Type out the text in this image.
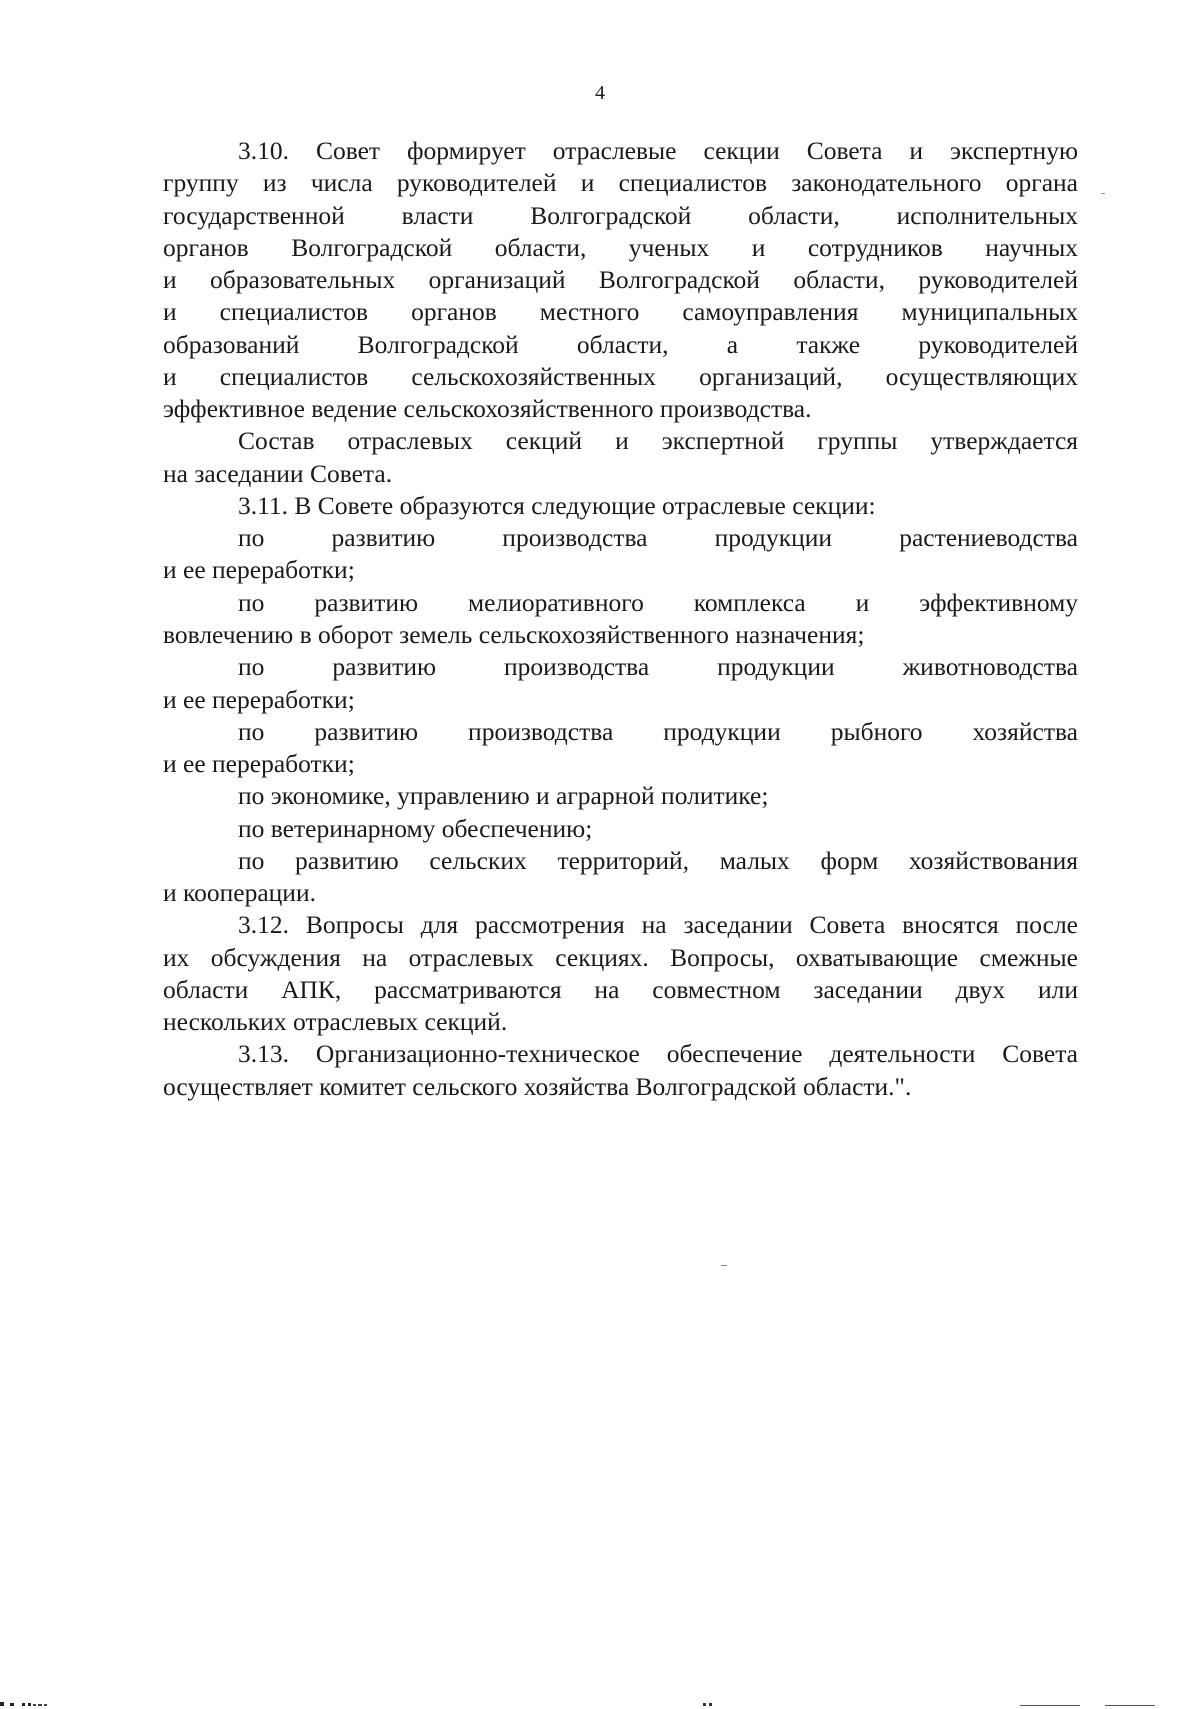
4
3.10. Совет формирует отраслевые секции Совета и экспертную
группу из числа руководителей и специалистов законодательного органа
государственной власти Волгоградской области, исполнительных
органов Волгоградской области, ученых и сотрудников научных
и образовательных организаций Волгоградской области, руководителей
и специалистов органов местного самоуправления муниципальных
образований Волгоградской области, а также руководителей
и специалистов сельскохозяйственных организаций, осуществляющих
эффективное ведение сельскохозяйственного производства.
Состав отраслевых секций и экспертной группы утверждается
на заседании Совета.
3.11. В Совете образуются следующие отраслевые секции:
по развитию производства продукции растениеводства
и ее переработки;
по развитию мелиоративного комплекса и эффективному
вовлечению в оборот земель сельскохозяйственного назначения;
по развитию производства продукции животноводства
и ее переработки;
по развитию производства продукции рыбного хозяйства
и ее переработки;
по экономике, управлению и аграрной политике;
по ветеринарному обеспечению;
по развитию сельских территорий, малых форм хозяйствования
и кооперации.
3.12. Вопросы для рассмотрения на заседании Совета вносятся после
их обсуждения на отраслевых секциях. Вопросы, охватывающие смежные
области АПК, рассматриваются на совместном заседании двух или
нескольких отраслевых секций.
3.13. Организационно-техническое обеспечение деятельности Совета
осуществляет комитет сельского хозяйства Волгоградской области.".
